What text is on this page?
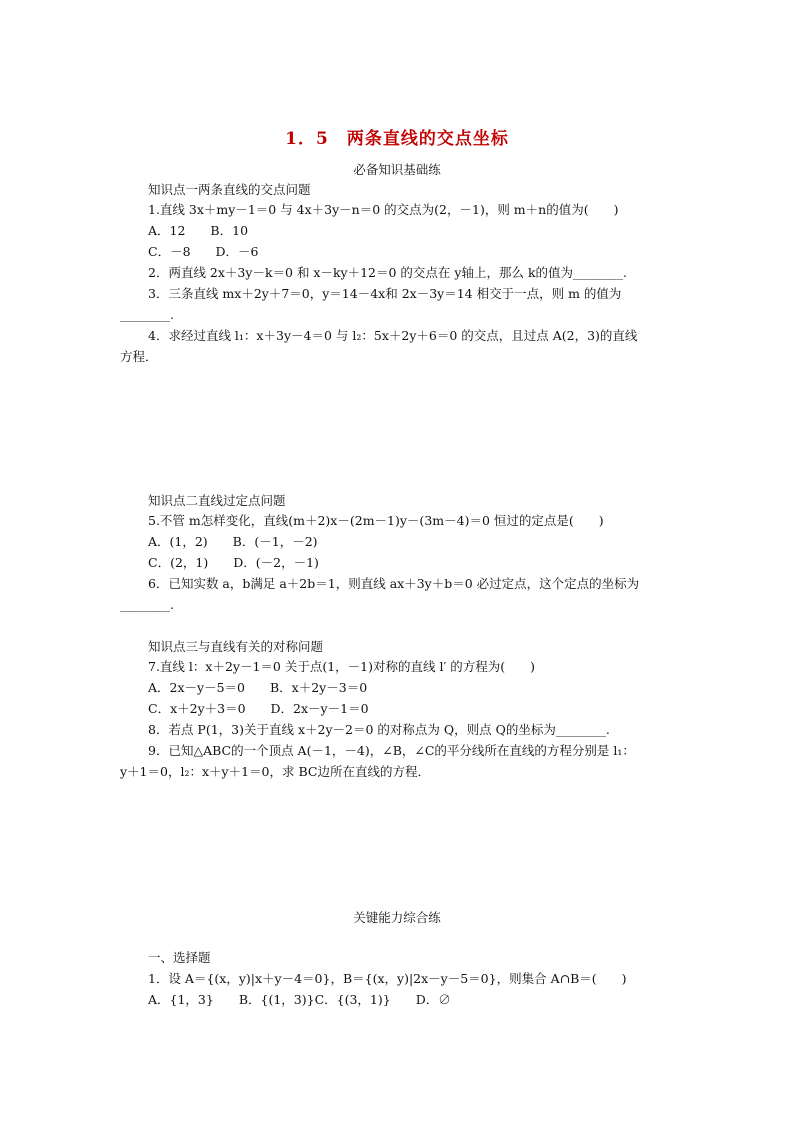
1．5　两条直线的交点坐标
必备知识基础练
知识点一两条直线的交点问题
1.直线 3x＋my－1＝0 与 4x＋3y－n＝0 的交点为(2，－1)，则 m＋n的值为(　　)
A．12　　B．10
C．－8　　D．－6
2．两直线 2x＋3y－k＝0 和 x－ky＋12＝0 的交点在 y轴上，那么 k的值为________.
3．三条直线 mx＋2y＋7＝0，y＝14－4x和 2x－3y＝14 相交于一点，则 m 的值为
________.
4．求经过直线 l₁：x＋3y－4＝0 与 l₂：5x＋2y＋6＝0 的交点，且过点 A(2，3)的直线
方程．
知识点二直线过定点问题
5.不管 m怎样变化，直线(m＋2)x－(2m－1)y－(3m－4)＝0 恒过的定点是(　　)
A．(1，2)　　B．(－1，－2)
C．(2，1)　　D．(－2，－1)
6．已知实数 a，b满足 a＋2b＝1，则直线 ax＋3y＋b＝0 必过定点，这个定点的坐标为
________.
知识点三与直线有关的对称问题
7.直线 l：x＋2y－1＝0 关于点(1，－1)对称的直线 l′ 的方程为(　　)
A．2x－y－5＝0　　B．x＋2y－3＝0
C．x＋2y＋3＝0　　D．2x－y－1＝0
8．若点 P(1，3)关于直线 x＋2y－2＝0 的对称点为 Q，则点 Q的坐标为________.
9．已知△ABC的一个顶点 A(－1，－4)，∠B，∠C的平分线所在直线的方程分别是 l₁：
y＋1＝0，l₂：x＋y＋1＝0，求 BC边所在直线的方程．
关键能力综合练
一、选择题
1．设 A＝{(x，y)|x＋y－4＝0}，B＝{(x，y)|2x－y－5＝0}，则集合 A∩B＝(　　)
A．{1，3}　　B．{(1，3)}C．{(3，1)}　　D．∅
